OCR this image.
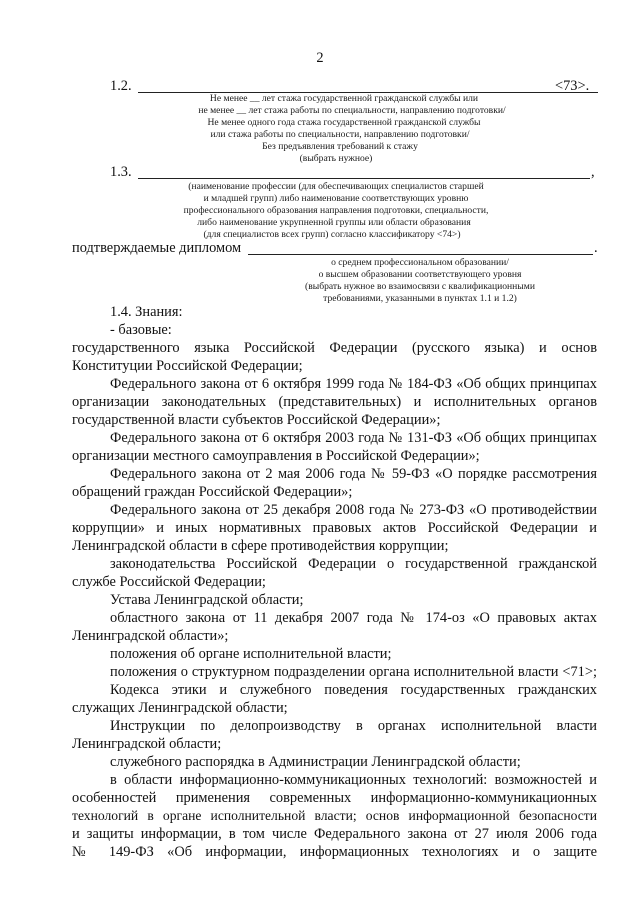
2
1.2.	<73>.
Не менее __ лет стажа государственной гражданской службы или
не менее __ лет стажа работы по специальности, направлению подготовки/
Не менее одного года стажа государственной гражданской службы
или стажа работы по специальности, направлению подготовки/
Без предъявления требований к стажу
(выбрать нужное)
1.3.	,
(наименование профессии (для обеспечивающих специалистов старшей
и младшей групп) либо наименование соответствующих уровню
профессионального образования направления подготовки, специальности,
либо наименование укрупненной группы или области образования
(для специалистов всех групп) согласно классификатору <74>)
подтверждаемые дипломом	.
о среднем профессиональном образовании/
о высшем образовании соответствующего уровня
(выбрать нужное во взаимосвязи с квалификационными
требованиями, указанными в пунктах 1.1 и 1.2)
1.4. Знания:
- базовые:
государственного языка Российской Федерации (русского языка) и основ
Конституции Российской Федерации;
Федерального закона от 6 октября 1999 года № 184-ФЗ «Об общих принципах
организации законодательных (представительных) и исполнительных органов
государственной власти субъектов Российской Федерации»;
Федерального закона от 6 октября 2003 года № 131-ФЗ «Об общих принципах
организации местного самоуправления в Российской Федерации»;
Федерального закона от 2 мая 2006 года № 59-ФЗ «О порядке рассмотрения
обращений граждан Российской Федерации»;
Федерального закона от 25 декабря 2008 года № 273-ФЗ «О противодействии
коррупции» и иных нормативных правовых актов Российской Федерации и
Ленинградской области в сфере противодействия коррупции;
законодательства Российской Федерации о государственной гражданской
службе Российской Федерации;
Устава Ленинградской области;
областного закона от 11 декабря 2007 года № 174-оз «О правовых актах
Ленинградской области»;
положения об органе исполнительной власти;
положения о структурном подразделении органа исполнительной власти <71>;
Кодекса этики и служебного поведения государственных гражданских
служащих Ленинградской области;
Инструкции по делопроизводству в органах исполнительной власти
Ленинградской области;
служебного распорядка в Администрации Ленинградской области;
в области информационно-коммуникационных технологий: возможностей и
особенностей применения современных информационно-коммуникационных
технологий в органе исполнительной власти; основ информационной безопасности
и защиты информации, в том числе Федерального закона от 27 июля 2006 года
№ 149-ФЗ «Об информации, информационных технологиях и о защите
